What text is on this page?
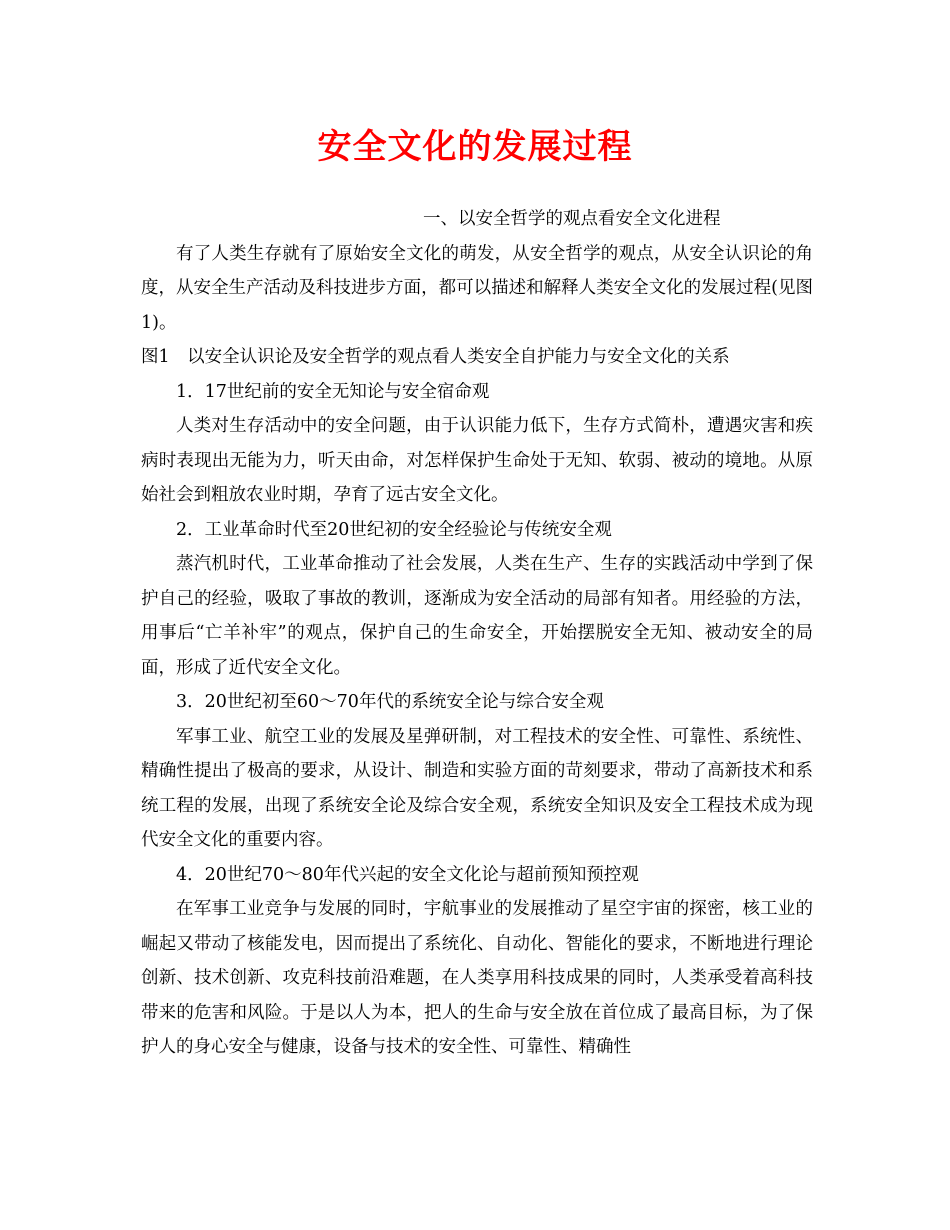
安全文化的发展过程

一、以安全哲学的观点看安全文化进程

有了人类生存就有了原始安全文化的萌发，从安全哲学的观点，从安全认识论的角度，从安全生产活动及科技进步方面，都可以描述和解释人类安全文化的发展过程(见图1)。

图1　以安全认识论及安全哲学的观点看人类安全自护能力与安全文化的关系

1．17世纪前的安全无知论与安全宿命观

人类对生存活动中的安全问题，由于认识能力低下，生存方式简朴，遭遇灾害和疾病时表现出无能为力，听天由命，对怎样保护生命处于无知、软弱、被动的境地。从原始社会到粗放农业时期，孕育了远古安全文化。

2．工业革命时代至20世纪初的安全经验论与传统安全观

蒸汽机时代，工业革命推动了社会发展，人类在生产、生存的实践活动中学到了保护自己的经验，吸取了事故的教训，逐渐成为安全活动的局部有知者。用经验的方法，用事后“亡羊补牢”的观点，保护自己的生命安全，开始摆脱安全无知、被动安全的局面，形成了近代安全文化。

3．20世纪初至60～70年代的系统安全论与综合安全观

军事工业、航空工业的发展及星弹研制，对工程技术的安全性、可靠性、系统性、精确性提出了极高的要求，从设计、制造和实验方面的苛刻要求，带动了高新技术和系统工程的发展，出现了系统安全论及综合安全观，系统安全知识及安全工程技术成为现代安全文化的重要内容。

4．20世纪70～80年代兴起的安全文化论与超前预知预控观

在军事工业竞争与发展的同时，宇航事业的发展推动了星空宇宙的探密，核工业的崛起又带动了核能发电，因而提出了系统化、自动化、智能化的要求，不断地进行理论创新、技术创新、攻克科技前沿难题，在人类享用科技成果的同时，人类承受着高科技带来的危害和风险。于是以人为本，把人的生命与安全放在首位成了最高目标，为了保护人的身心安全与健康，设备与技术的安全性、可靠性、精确性
